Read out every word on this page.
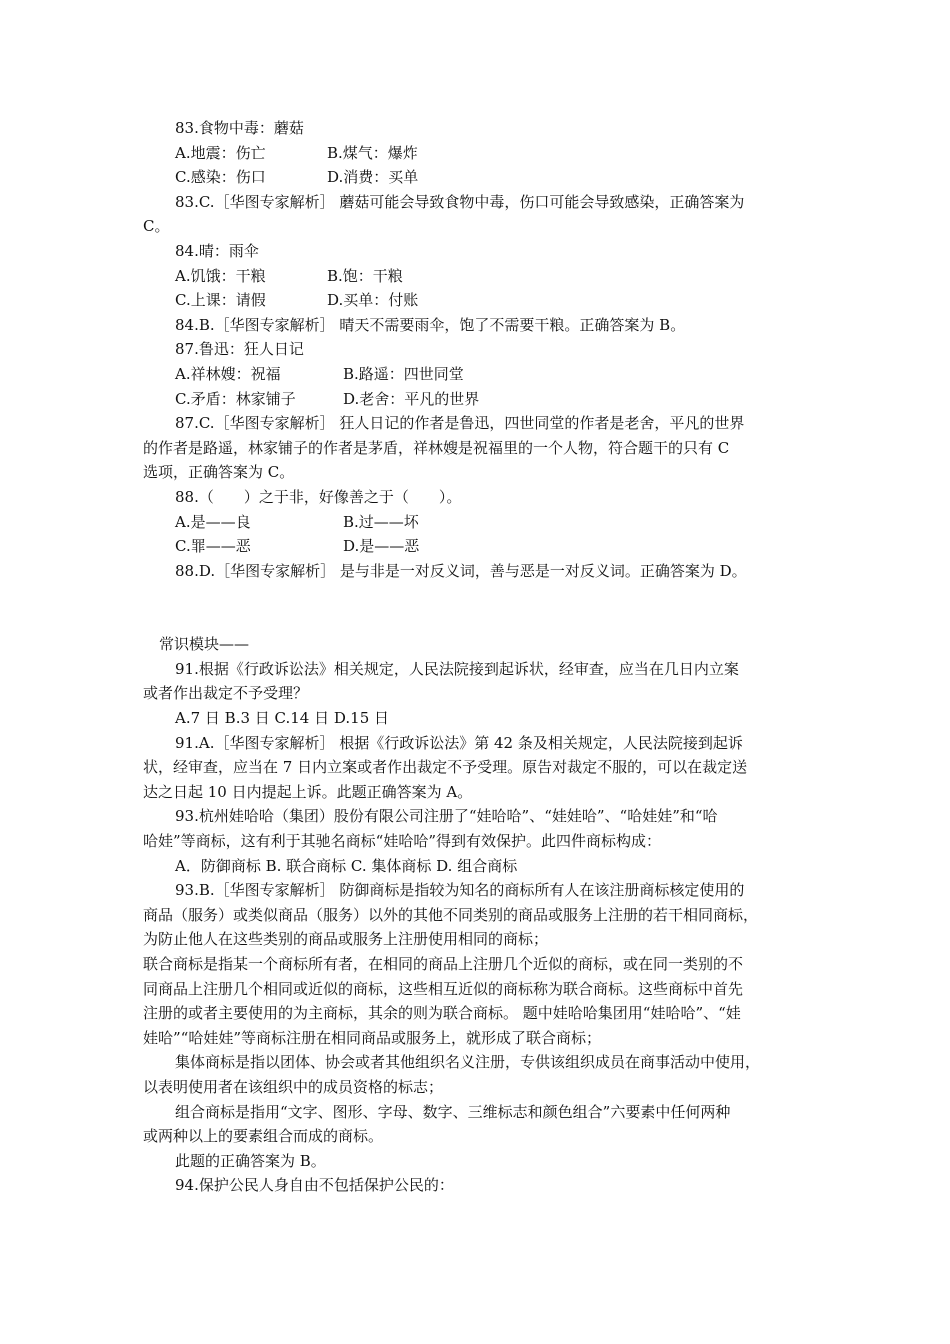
83.食物中毒：蘑菇
A.地震：伤亡	B.煤气：爆炸
C.感染：伤口	D.消费：买单
83.C.［华图专家解析］ 蘑菇可能会导致食物中毒，伤口可能会导致感染，正确答案为
C。
84.晴：雨伞
A.饥饿：干粮	B.饱：干粮
C.上课：请假	D.买单：付账
84.B.［华图专家解析］ 晴天不需要雨伞，饱了不需要干粮。正确答案为 B。
87.鲁迅：狂人日记
A.祥林嫂：祝福	B.路遥：四世同堂
C.矛盾：林家铺子	D.老舍：平凡的世界
87.C.［华图专家解析］ 狂人日记的作者是鲁迅，四世同堂的作者是老舍，平凡的世界
的作者是路遥，林家铺子的作者是茅盾，祥林嫂是祝福里的一个人物，符合题干的只有 C
选项，正确答案为 C。
88.（　　）之于非，好像善之于（　　）。
A.是——良	B.过——坏
C.罪——恶	D.是——恶
88.D.［华图专家解析］ 是与非是一对反义词，善与恶是一对反义词。正确答案为 D。
常识模块——
91.根据《行政诉讼法》相关规定，人民法院接到起诉状，经审查，应当在几日内立案
或者作出裁定不予受理？
A.7 日 B.3 日 C.14 日 D.15 日
91.A.［华图专家解析］ 根据《行政诉讼法》第 42 条及相关规定，人民法院接到起诉
状，经审查，应当在 7 日内立案或者作出裁定不予受理。原告对裁定不服的，可以在裁定送
达之日起 10 日内提起上诉。此题正确答案为 A。
93.杭州娃哈哈（集团）股份有限公司注册了“娃哈哈”、“娃娃哈”、“哈娃娃”和“哈
哈娃”等商标，这有利于其驰名商标“娃哈哈”得到有效保护。此四件商标构成：
A．防御商标 B. 联合商标 C. 集体商标 D. 组合商标
93.B.［华图专家解析］ 防御商标是指较为知名的商标所有人在该注册商标核定使用的
商品（服务）或类似商品（服务）以外的其他不同类别的商品或服务上注册的若干相同商标，
为防止他人在这些类别的商品或服务上注册使用相同的商标；
联合商标是指某一个商标所有者，在相同的商品上注册几个近似的商标，或在同一类别的不
同商品上注册几个相同或近似的商标，这些相互近似的商标称为联合商标。这些商标中首先
注册的或者主要使用的为主商标，其余的则为联合商标。 题中娃哈哈集团用“娃哈哈”、“娃
娃哈”“哈娃娃”等商标注册在相同商品或服务上，就形成了联合商标；
集体商标是指以团体、协会或者其他组织名义注册，专供该组织成员在商事活动中使用，
以表明使用者在该组织中的成员资格的标志；
组合商标是指用“文字、图形、字母、数字、三维标志和颜色组合”六要素中任何两种
或两种以上的要素组合而成的商标。
此题的正确答案为 B。
94.保护公民人身自由不包括保护公民的：
